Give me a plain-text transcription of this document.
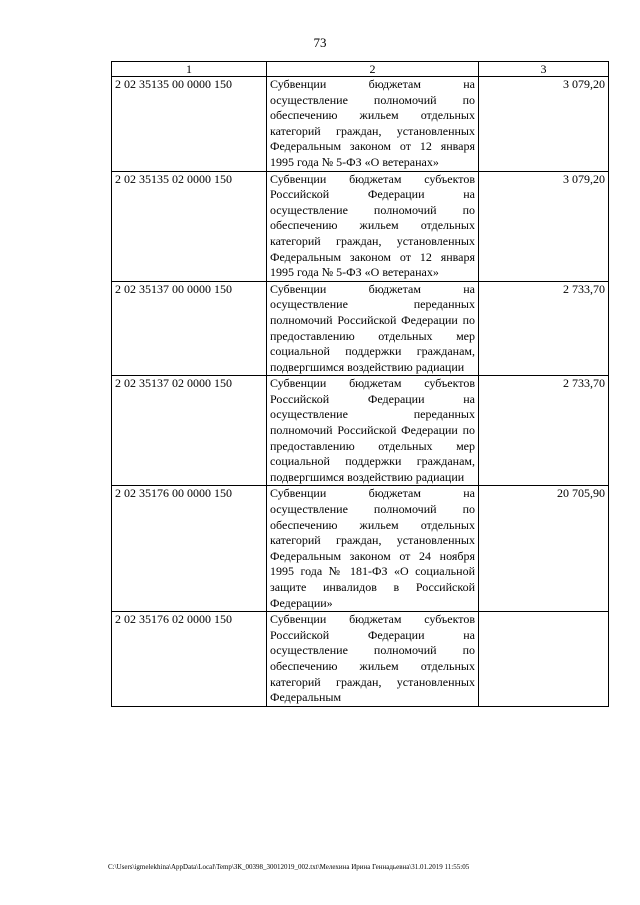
73
1	2	3
2 02 35135 00 0000 150	Субвенции бюджетам на осуществление полномочий по обеспечению жильем отдельных категорий граждан, установленных Федеральным законом от 12 января 1995 года № 5-ФЗ «О ветеранах»	3 079,20
2 02 35135 02 0000 150	Субвенции бюджетам субъектов Российской Федерации на осуществление полномочий по обеспечению жильем отдельных категорий граждан, установленных Федеральным законом от 12 января 1995 года № 5-ФЗ «О ветеранах»	3 079,20
2 02 35137 00 0000 150	Субвенции бюджетам на осуществление переданных полномочий Российской Федерации по предоставлению отдельных мер социальной поддержки гражданам, подвергшимся воздействию радиации	2 733,70
2 02 35137 02 0000 150	Субвенции бюджетам субъектов Российской Федерации на осуществление переданных полномочий Российской Федерации по предоставлению отдельных мер социальной поддержки гражданам, подвергшимся воздействию радиации	2 733,70
2 02 35176 00 0000 150	Субвенции бюджетам на осуществление полномочий по обеспечению жильем отдельных категорий граждан, установленных Федеральным законом от 24 ноября 1995 года № 181-ФЗ «О социальной защите инвалидов в Российской Федерации»	20 705,90
2 02 35176 02 0000 150	Субвенции бюджетам субъектов Российской Федерации на осуществление полномочий по обеспечению жильем отдельных категорий граждан, установленных Федеральным	
C:\Users\igmelekhina\AppData\Local\Temp\ЗК_00398_30012019_002.txt\Мелехина Ирина Геннадьевна\31.01.2019 11:55:05
